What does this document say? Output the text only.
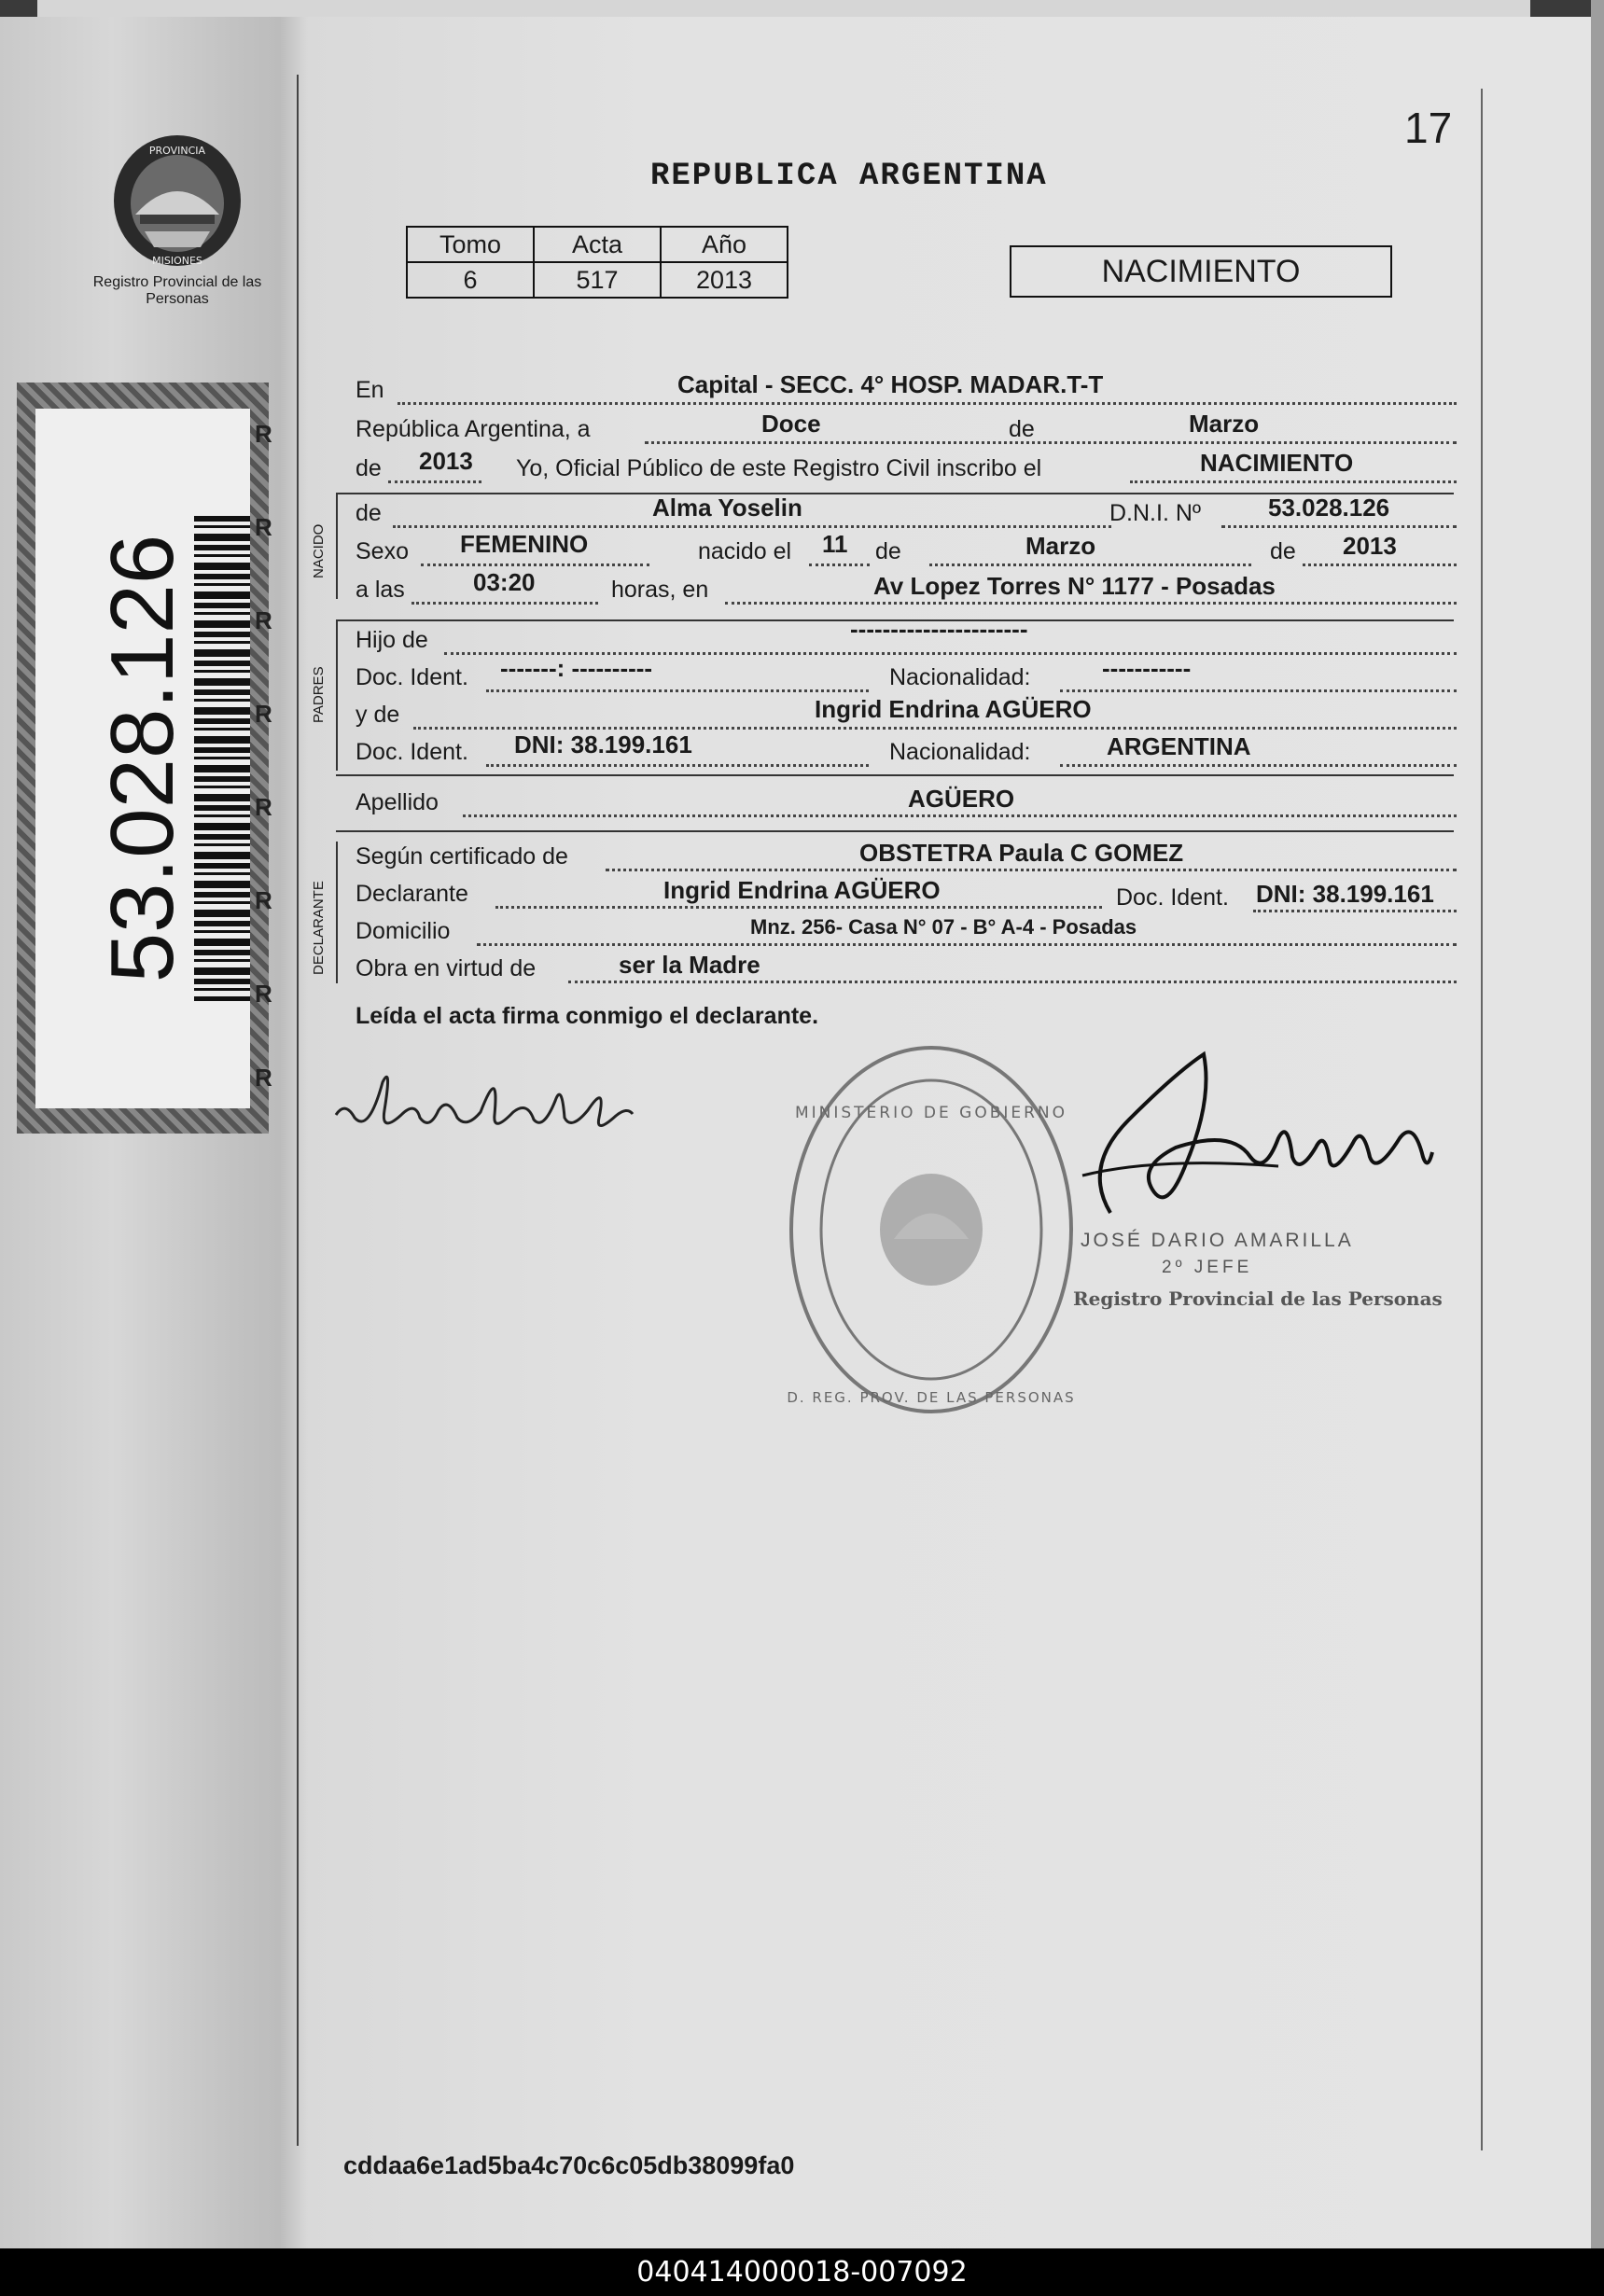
17
REPUBLICA ARGENTINA
PROVINCIA
MISIONES
Registro Provincial de las Personas
53.028.126
R
R
R
R
R
R
R
R
Tomo	Acta	Año
6	517	2013	NACIMIENTO
En	Capital - SECC. 4° HOSP. MADAR.T-T
República Argentina, a	Doce	de	Marzo
de 2013 Yo, Oficial Público de este Registro Civil inscribo el	NACIMIENTO
NACIDO
de	Alma Yoselin	D.N.I. Nº	53.028.126
Sexo FEMENINO	nacido el 11 de	Marzo	de 2013
a las	03:20	horas, en	Av Lopez Torres N° 1177 - Posadas
PADRES
Hijo de	----------------------
Doc. Ident. -------: ----------	Nacionalidad:	-----------
y de	Ingrid Endrina AGÜERO
Doc. Ident. DNI: 38.199.161	Nacionalidad:	ARGENTINA
Apellido	AGÜERO
DECLARANTE
Según certificado de	OBSTETRA Paula C GOMEZ
Declarante	Ingrid Endrina AGÜERO	Doc. Ident. DNI: 38.199.161
Domicilio	Mnz. 256- Casa N° 07 - B° A-4 - Posadas
Obra en virtud de	ser la Madre
Leída el acta firma conmigo el declarante.
MINISTERIO DE GOBIERNO
D. REG. PROV. DE LAS PERSONAS
JOSÉ DARIO AMARILLA
2º JEFE
Registro Provincial de las Personas
cddaa6e1ad5ba4c70c6c05db38099fa0
040414000018-007092
